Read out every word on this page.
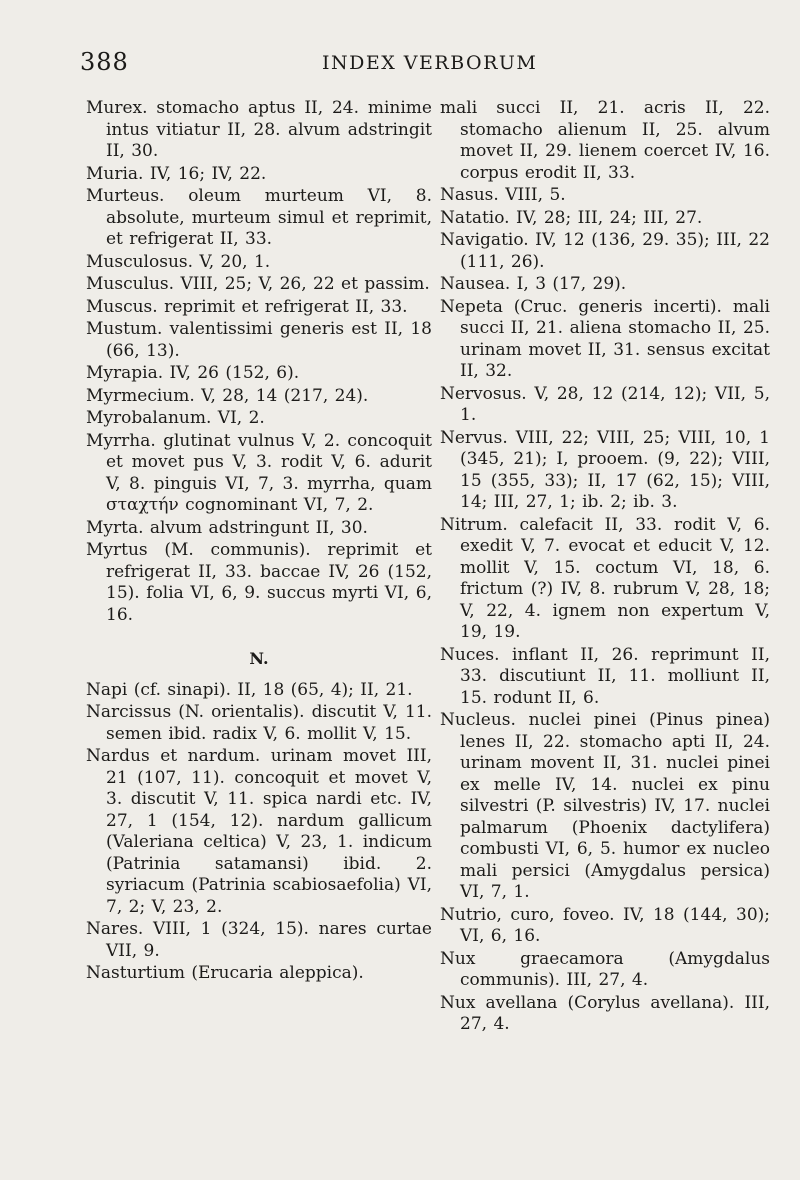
388	INDEX VERBORUM

Murex. stomacho aptus II, 24. minime intus vitiatur II, 28. alvum adstringit II, 30.

Muria. IV, 16; IV, 22.

Murteus. oleum murteum VI, 8. absolute, murteum simul et reprimit, et refrigerat II, 33.

Musculosus. V, 20, 1.

Musculus. VIII, 25; V, 26, 22 et passim.

Muscus. reprimit et refrigerat II, 33.

Mustum. valentissimi generis est II, 18 (66, 13).

Myrapia. IV, 26 (152, 6).

Myrmecium. V, 28, 14 (217, 24).

Myrobalanum. VI, 2.

Myrrha. glutinat vulnus V, 2. concoquit et movet pus V, 3. rodit V, 6. adurit V, 8. pinguis VI, 7, 3. myrrha, quam σταχτήν cognominant VI, 7, 2.

Myrta. alvum adstringunt II, 30.

Myrtus (M. communis). reprimit et refrigerat II, 33. baccae IV, 26 (152, 15). folia VI, 6, 9. succus myrti VI, 6, 16.

N.

Napi (cf. sinapi). II, 18 (65, 4); II, 21.

Narcissus (N. orientalis). discutit V, 11. semen ibid. radix V, 6. mollit V, 15.

Nardus et nardum. urinam movet III, 21 (107, 11). concoquit et movet V, 3. discutit V, 11. spica nardi etc. IV, 27, 1 (154, 12). nardum gallicum (Valeriana celtica) V, 23, 1. indicum (Patrinia satamansi) ibid. 2. syriacum (Patrinia scabiosaefolia) VI, 7, 2; V, 23, 2.

Nares. VIII, 1 (324, 15). nares curtae VII, 9.

Nasturtium (Erucaria aleppica).

mali succi II, 21. acris II, 22. stomacho alienum II, 25. alvum movet II, 29. lienem coercet IV, 16. corpus erodit II, 33.

Nasus. VIII, 5.

Natatio. IV, 28; III, 24; III, 27.

Navigatio. IV, 12 (136, 29. 35); III, 22 (111, 26).

Nausea. I, 3 (17, 29).

Nepeta (Cruc. generis incerti). mali succi II, 21. aliena stomacho II, 25. urinam movet II, 31. sensus excitat II, 32.

Nervosus. V, 28, 12 (214, 12); VII, 5, 1.

Nervus. VIII, 22; VIII, 25; VIII, 10, 1 (345, 21); I, prooem. (9, 22); VIII, 15 (355, 33); II, 17 (62, 15); VIII, 14; III, 27, 1; ib. 2; ib. 3.

Nitrum. calefacit II, 33. rodit V, 6. exedit V, 7. evocat et educit V, 12. mollit V, 15. coctum VI, 18, 6. frictum (?) IV, 8. rubrum V, 28, 18; V, 22, 4. ignem non expertum V, 19, 19.

Nuces. inflant II, 26. reprimunt II, 33. discutiunt II, 11. molliunt II, 15. rodunt II, 6.

Nucleus. nuclei pinei (Pinus pinea) lenes II, 22. stomacho apti II, 24. urinam movent II, 31. nuclei pinei ex melle IV, 14. nuclei ex pinu silvestri (P. silvestris) IV, 17. nuclei palmarum (Phoenix dactylifera) combusti VI, 6, 5. humor ex nucleo mali persici (Amygdalus persica) VI, 7, 1.

Nutrio, curo, foveo. IV, 18 (144, 30); VI, 6, 16.

Nux graecamora (Amygdalus communis). III, 27, 4.

Nux avellana (Corylus avellana). III, 27, 4.
